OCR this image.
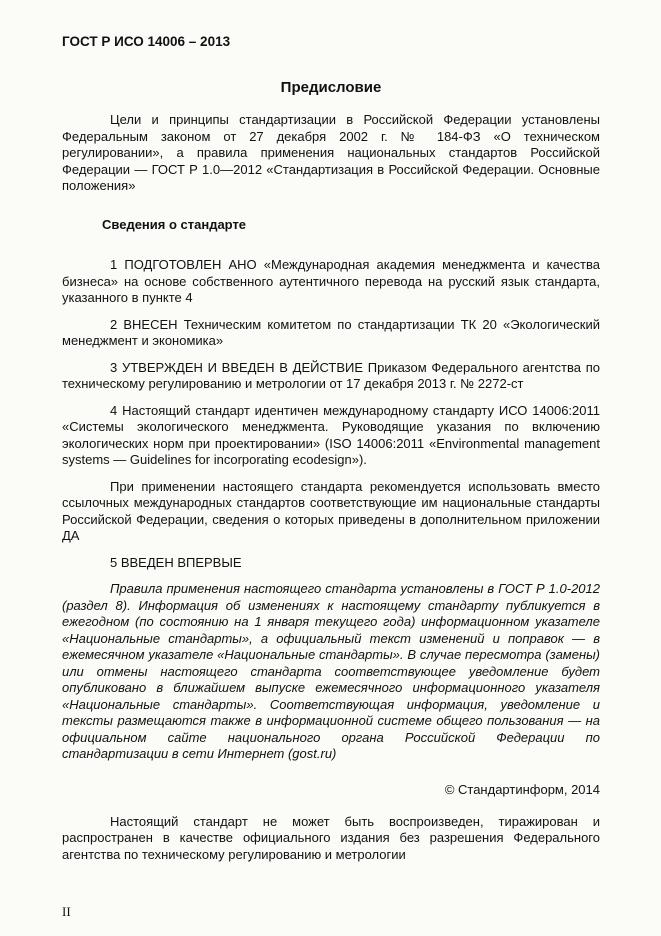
ГОСТ Р ИСО 14006 – 2013
Предисловие

Цели и принципы стандартизации в Российской Федерации установлены Федеральным законом от 27 декабря 2002 г. № 184-ФЗ «О техническом регулировании», а правила применения национальных стандартов Российской Федерации — ГОСТ Р 1.0—2012 «Стандартизация в Российской Федерации. Основные положения»

Сведения о стандарте

1 ПОДГОТОВЛЕН АНО «Международная академия менеджмента и качества бизнеса» на основе собственного аутентичного перевода на русский язык стандарта, указанного в пункте 4

2 ВНЕСЕН Техническим комитетом по стандартизации ТК 20 «Экологический менеджмент и экономика»

3 УТВЕРЖДЕН И ВВЕДЕН В ДЕЙСТВИЕ Приказом Федерального агентства по техническому регулированию и метрологии от 17 декабря 2013 г. № 2272-ст

4 Настоящий стандарт идентичен международному стандарту ИСО 14006:2011 «Системы экологического менеджмента. Руководящие указания по включению экологических норм при проектировании» (ISO 14006:2011 «Environmental management systems — Guidelines for incorporating ecodesign»).

При применении настоящего стандарта рекомендуется использовать вместо ссылочных международных стандартов соответствующие им национальные стандарты Российской Федерации, сведения о которых приведены в дополнительном приложении ДА

5 ВВЕДЕН ВПЕРВЫЕ

Правила применения настоящего стандарта установлены в ГОСТ Р 1.0-2012 (раздел 8). Информация об изменениях к настоящему стандарту публикуется в ежегодном (по состоянию на 1 января текущего года) информационном указателе «Национальные стандарты», а официальный текст изменений и поправок — в ежемесячном указателе «Национальные стандарты». В случае пересмотра (замены) или отмены настоящего стандарта соответствующее уведомление будет опубликовано в ближайшем выпуске ежемесячного информационного указателя «Национальные стандарты». Соответствующая информация, уведомление и тексты размещаются также в информационной системе общего пользования — на официальном сайте национального органа Российской Федерации по стандартизации в сети Интернет (gost.ru)

© Стандартинформ, 2014

Настоящий стандарт не может быть воспроизведен, тиражирован и распространен в качестве официального издания без разрешения Федерального агентства по техническому регулированию и метрологии

II
